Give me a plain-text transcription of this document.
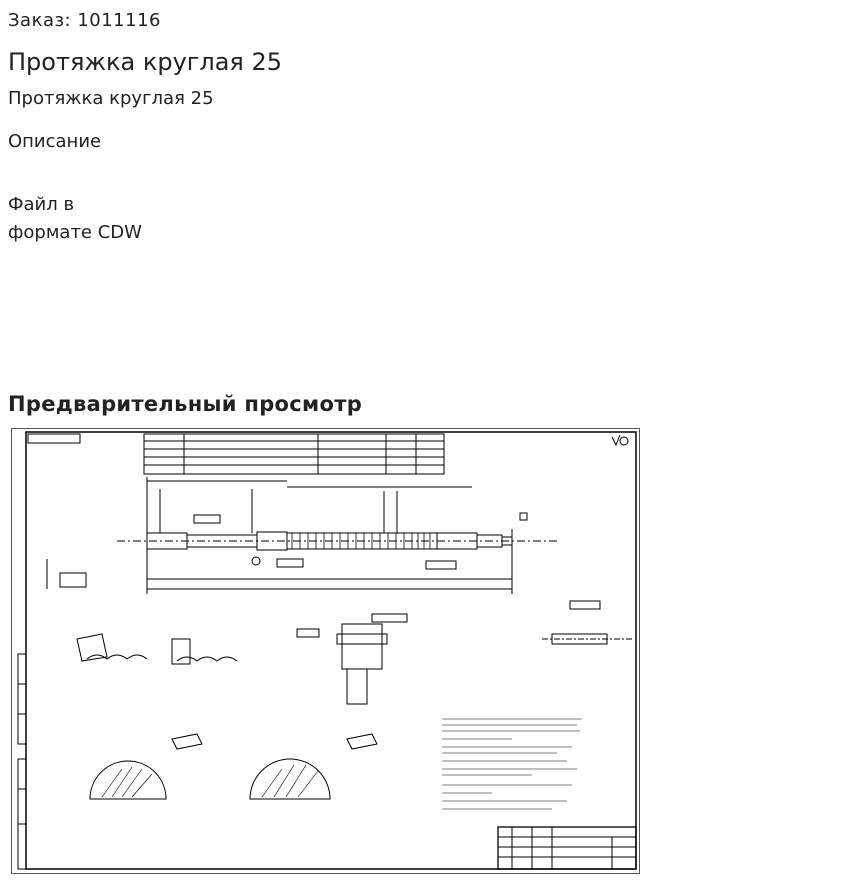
Заказ: 1011116
Протяжка круглая 25
Протяжка круглая 25
Описание
Файл в
формате CDW
Предварительный просмотр
